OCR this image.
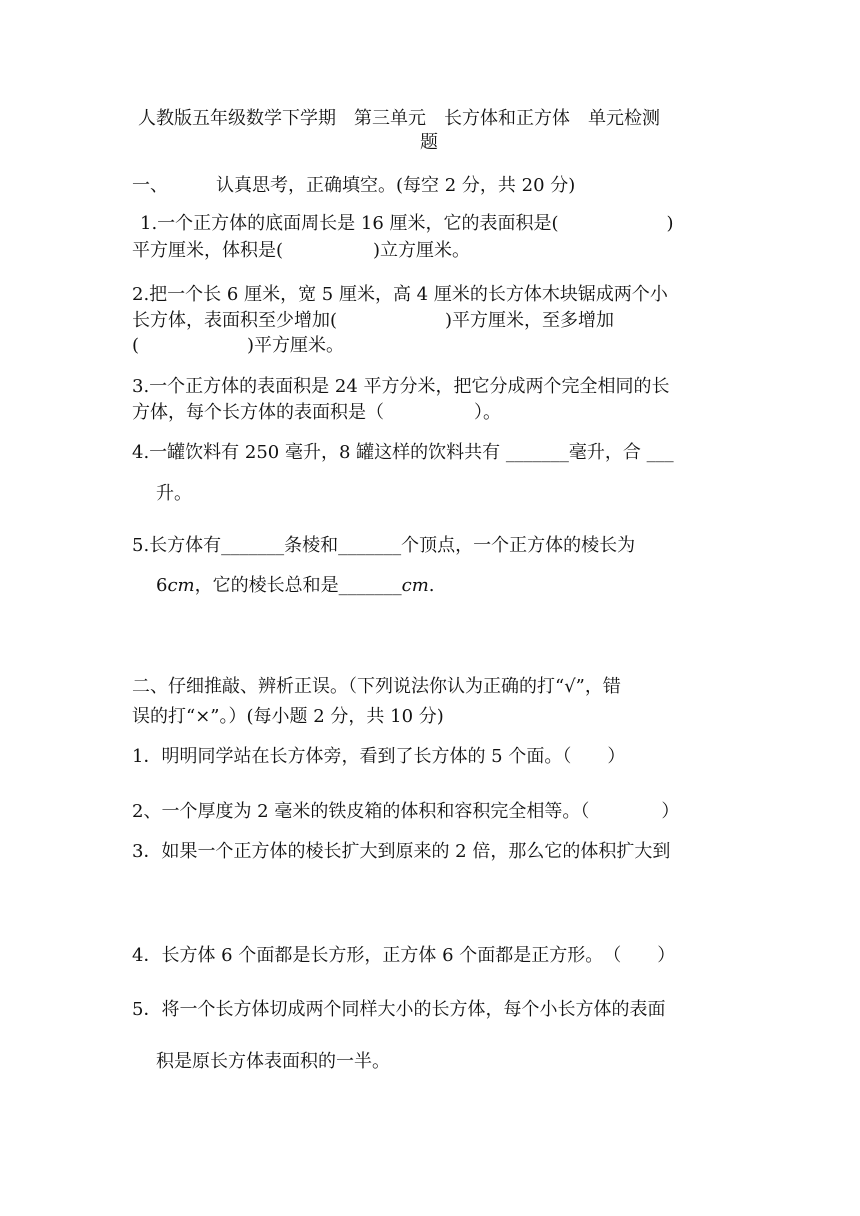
人教版五年级数学下学期　第三单元　长方体和正方体　单元检测
题
一、	认真思考，正确填空。(每空 2 分，共 20 分)
1.一个正方体的底面周长是 16 厘米，它的表面积是(　　　　　　)
平方厘米，体积是(　　　　　)立方厘米。
2.把一个长 6 厘米，宽 5 厘米，高 4 厘米的长方体木块锯成两个小
长方体，表面积至少增加(　　　　　　)平方厘米，至多增加
(　　　　　　)平方厘米。
3.一个正方体的表面积是 24 平方分米，把它分成两个完全相同的长
方体，每个长方体的表面积是（　　　　　）。
4.一罐饮料有 250 毫升，8 罐这样的饮料共有 _______毫升，合 ___
升。
5.长方体有_______条棱和_______个顶点，一个正方体的棱长为
6cm，它的棱长总和是_______cm.
二、仔细推敲、辨析正误。（下列说法你认为正确的打“√”，错
误的打“×”。）(每小题 2 分，共 10 分)
1．明明同学站在长方体旁，看到了长方体的 5 个面。（　　）
2、一个厚度为 2 毫米的铁皮箱的体积和容积完全相等。（　　　　）
3．如果一个正方体的棱长扩大到原来的 2 倍，那么它的体积扩大到
4．长方体 6 个面都是长方形，正方体 6 个面都是正方形。　（　　）
5．将一个长方体切成两个同样大小的长方体，每个小长方体的表面
积是原长方体表面积的一半。
